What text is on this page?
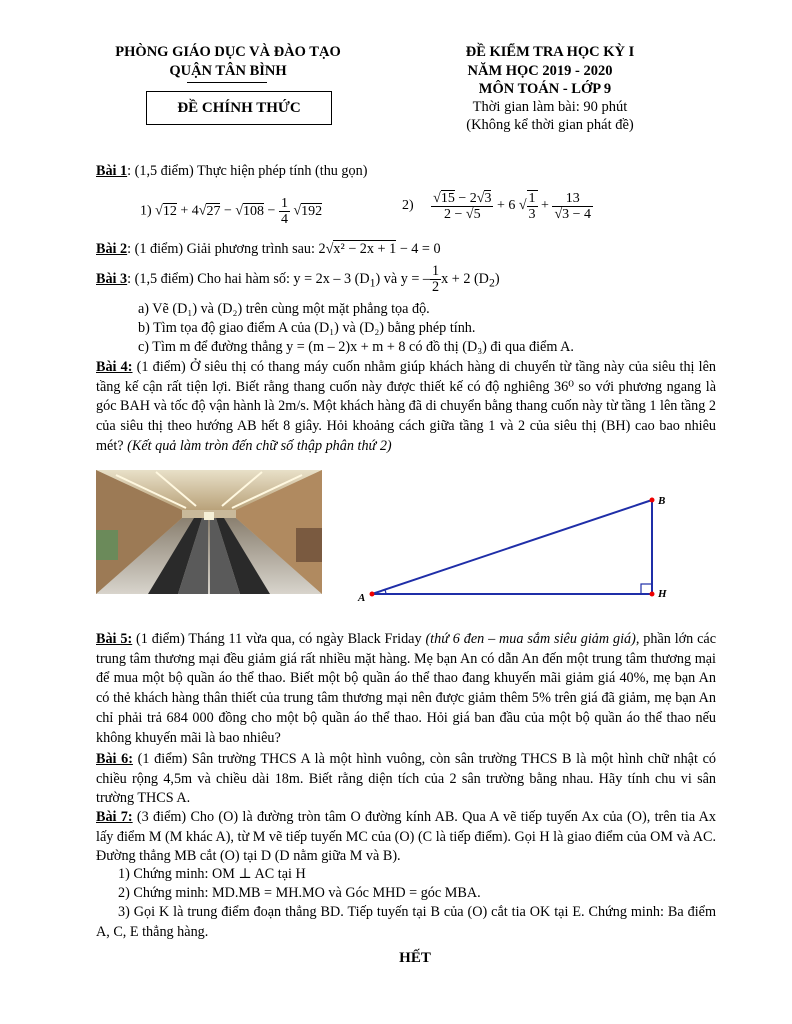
PHÒNG GIÁO DỤC VÀ ĐÀO TẠO
QUẬN TÂN BÌNH
ĐỀ CHÍNH THỨC
ĐỀ KIỂM TRA HỌC KỲ I
NĂM HỌC 2019 - 2020
MÔN TOÁN - LỚP 9
Thời gian làm bài: 90 phút
(Không kể thời gian phát đề)
Bài 1: (1,5 điểm) Thực hiện phép tính (thu gọn)
1) $√12 + 4√27 - √108 - \frac{1}{4} √192$	$2) \frac{√15 - 2√3}{2 - √5} + 6$ √ $\frac{1}{3} + \frac{13}{√3 - 4}$
Bài 2: (1 điểm) Giải phương trình sau: 2√x² − 2x + 1 − 4 = 0
Bài 3: (1,5 điểm) Cho hai hàm số: y = 2x – 3 $(D_1)$ và y = – $\frac{1}{2}$ x + 2 $(D_2)$
a) Vẽ (D₁) và (D₂) trên cùng một mặt phẳng tọa độ.
b) Tìm tọa độ giao điểm A của (D₁) và (D₂) bằng phép tính.
c) Tìm m để đường thẳng y = (m – 2)x + m + 8 có đồ thị (D₃) đi qua điểm A.
Bài 4: (1 điểm) Ở siêu thị có thang máy cuốn nhằm giúp khách hàng di chuyển từ tầng này của siêu thị lên tầng kế cận rất tiện lợi. Biết rằng thang cuốn này được thiết kế có độ nghiêng 36⁰ so với phương ngang là góc BAH và tốc độ vận hành là 2m/s. Một khách hàng đã di chuyển bằng thang cuốn này từ tầng 1 lên tầng 2 của siêu thị theo hướng AB hết 8 giây. Hỏi khoảng cách giữa tầng 1 và 2 của siêu thị (BH) cao bao nhiêu mét? (Kết quả làm tròn đến chữ số thập phân thứ 2)
A
B
H
Bài 5: (1 điểm) Tháng 11 vừa qua, có ngày Black Friday (thứ 6 đen – mua sắm siêu giảm giá), phần lớn các trung tâm thương mại đều giảm giá rất nhiều mặt hàng. Mẹ bạn An có dẫn An đến một trung tâm thương mại để mua một bộ quần áo thể thao. Biết một bộ quần áo thể thao đang khuyến mãi giảm giá 40%, mẹ bạn An có thẻ khách hàng thân thiết của trung tâm thương mại nên được giảm thêm 5% trên giá đã giảm, mẹ bạn An chỉ phải trả 684 000 đồng cho một bộ quần áo thể thao. Hỏi giá ban đầu của một bộ quần áo thể thao nếu không khuyến mãi là bao nhiêu?
Bài 6: (1 điểm) Sân trường THCS A là một hình vuông, còn sân trường THCS B là một hình chữ nhật có chiều rộng 4,5m và chiều dài 18m. Biết rằng diện tích của 2 sân trường bằng nhau. Hãy tính chu vi sân trường THCS A.
Bài 7: (3 điểm) Cho (O) là đường tròn tâm O đường kính AB. Qua A vẽ tiếp tuyến Ax của (O), trên tia Ax lấy điểm M (M khác A), từ M vẽ tiếp tuyến MC của (O) (C là tiếp điểm). Gọi H là giao điểm của OM và AC. Đường thẳng MB cắt (O) tại D (D nằm giữa M và B).
1) Chứng minh: OM ⊥ AC tại H
2) Chứng minh: MD.MB = MH.MO và Góc MHD = góc MBA.
3) Gọi K là trung điểm đoạn thẳng BD. Tiếp tuyến tại B của (O) cắt tia OK tại E. Chứng minh: Ba điểm A, C, E thẳng hàng.
HẾT
